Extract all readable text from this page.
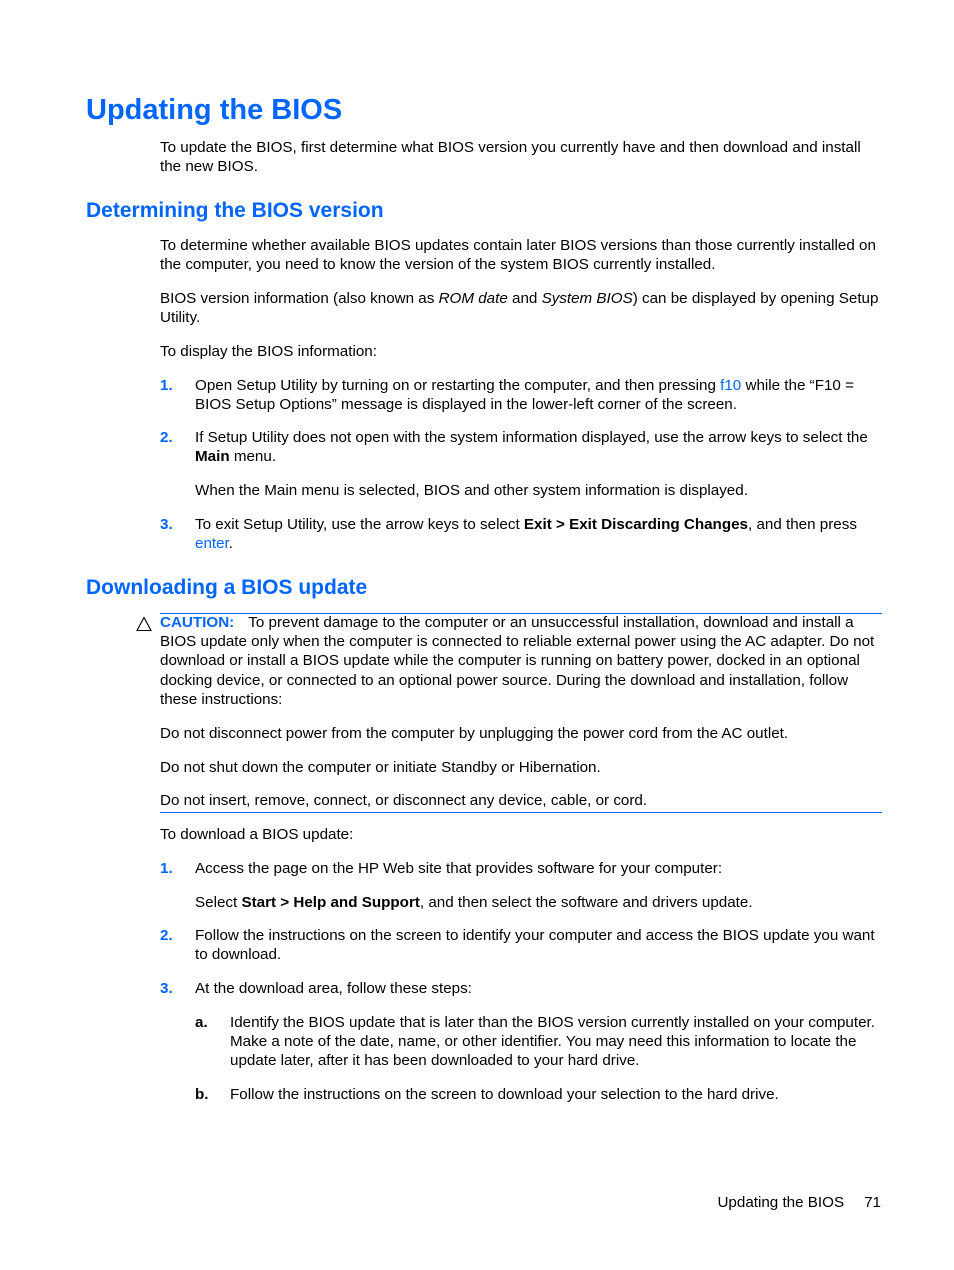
Updating the BIOS

To update the BIOS, first determine what BIOS version you currently have and then download and install the new BIOS.

Determining the BIOS version

To determine whether available BIOS updates contain later BIOS versions than those currently installed on the computer, you need to know the version of the system BIOS currently installed.

BIOS version information (also known as ROM date and System BIOS) can be displayed by opening Setup Utility.

To display the BIOS information:

1. Open Setup Utility by turning on or restarting the computer, and then pressing f10 while the “F10 = BIOS Setup Options” message is displayed in the lower-left corner of the screen.

2. If Setup Utility does not open with the system information displayed, use the arrow keys to select the Main menu.

When the Main menu is selected, BIOS and other system information is displayed.

3. To exit Setup Utility, use the arrow keys to select Exit > Exit Discarding Changes, and then press enter.

Downloading a BIOS update

CAUTION: To prevent damage to the computer or an unsuccessful installation, download and install a BIOS update only when the computer is connected to reliable external power using the AC adapter. Do not download or install a BIOS update while the computer is running on battery power, docked in an optional docking device, or connected to an optional power source. During the download and installation, follow these instructions:

Do not disconnect power from the computer by unplugging the power cord from the AC outlet.

Do not shut down the computer or initiate Standby or Hibernation.

Do not insert, remove, connect, or disconnect any device, cable, or cord.

To download a BIOS update:

1. Access the page on the HP Web site that provides software for your computer:

Select Start > Help and Support, and then select the software and drivers update.

2. Follow the instructions on the screen to identify your computer and access the BIOS update you want to download.

3. At the download area, follow these steps:

a. Identify the BIOS update that is later than the BIOS version currently installed on your computer. Make a note of the date, name, or other identifier. You may need this information to locate the update later, after it has been downloaded to your hard drive.

b. Follow the instructions on the screen to download your selection to the hard drive.

Updating the BIOS 71
